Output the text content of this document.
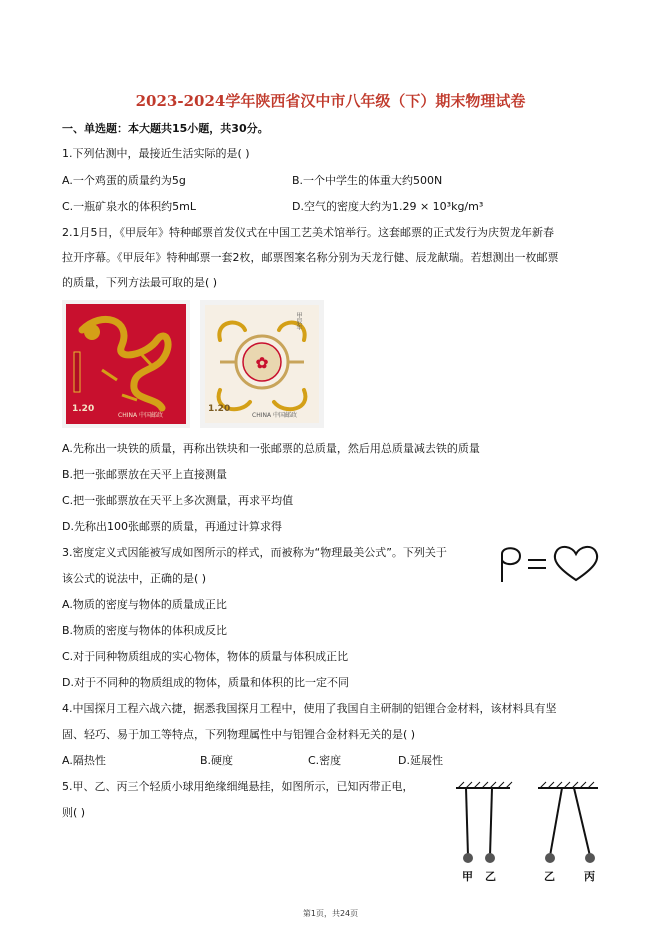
2023-2024学年陕西省汉中市八年级（下）期末物理试卷
一、单选题：本大题共15小题，共30分。
1.下列估测中，最接近生活实际的是( )
A.一个鸡蛋的质量约为5g	B.一个中学生的体重大约500N
C.一瓶矿泉水的体积约5mL	D.空气的密度大约为1.29 × 10³kg/m³
2.1月5日，《甲辰年》特种邮票首发仪式在中国工艺美术馆举行。这套邮票的正式发行为庆贺龙年新春
拉开序幕。《甲辰年》特种邮票一套2枚，邮票图案名称分别为天龙行健、辰龙献瑞。若想测出一枚邮票
的质量，下列方法最可取的是( )
1.20
CHINA 中国邮政
✿
甲辰年
1.20
CHINA 中国邮政
A.先称出一块铁的质量，再称出铁块和一张邮票的总质量，然后用总质量减去铁的质量
B.把一张邮票放在天平上直接测量
C.把一张邮票放在天平上多次测量，再求平均值
D.先称出100张邮票的质量，再通过计算求得
3.密度定义式因能被写成如图所示的样式，而被称为“物理最美公式”。下列关于
该公式的说法中，正确的是( )
A.物质的密度与物体的质量成正比
B.物质的密度与物体的体积成反比
C.对于同种物质组成的实心物体，物体的质量与体积成正比
D.对于不同种的物质组成的物体，质量和体积的比一定不同
4.中国探月工程六战六捷，据悉我国探月工程中，使用了我国自主研制的铝锂合金材料，该材料具有坚
固、轻巧、易于加工等特点，下列物理属性中与铝锂合金材料无关的是( )
A.隔热性	B.硬度	C.密度	D.延展性
5.甲、乙、丙三个轻质小球用绝缘细绳悬挂，如图所示，已知丙带正电，
则( )
甲 乙	乙	丙
第1页，共24页
